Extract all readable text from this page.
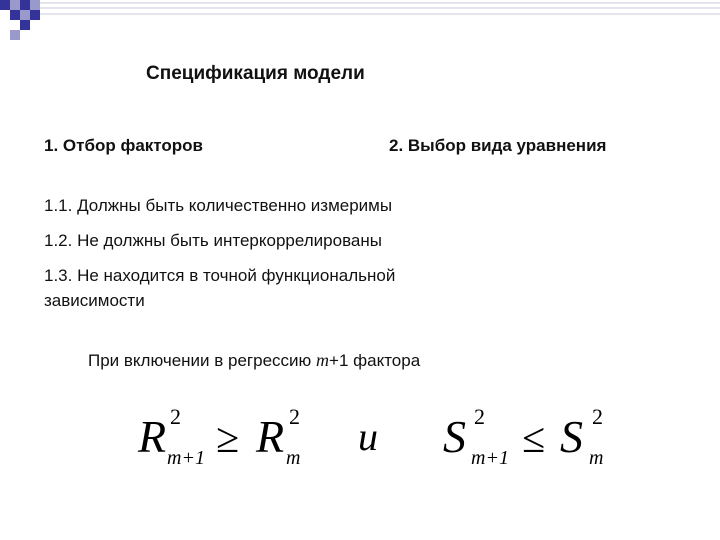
Спецификация модели
1. Отбор факторов	2. Выбор вида уравнения
1.1. Должны быть количественно измеримы
1.2. Не должны быть интеркоррелированы
1.3. Не находится в точной функциональной
зависимости
При включении в регрессию m+1 фактора
R 2
m+1 ≥ R 2
m и S 2
m+1 ≤ S 2
m
